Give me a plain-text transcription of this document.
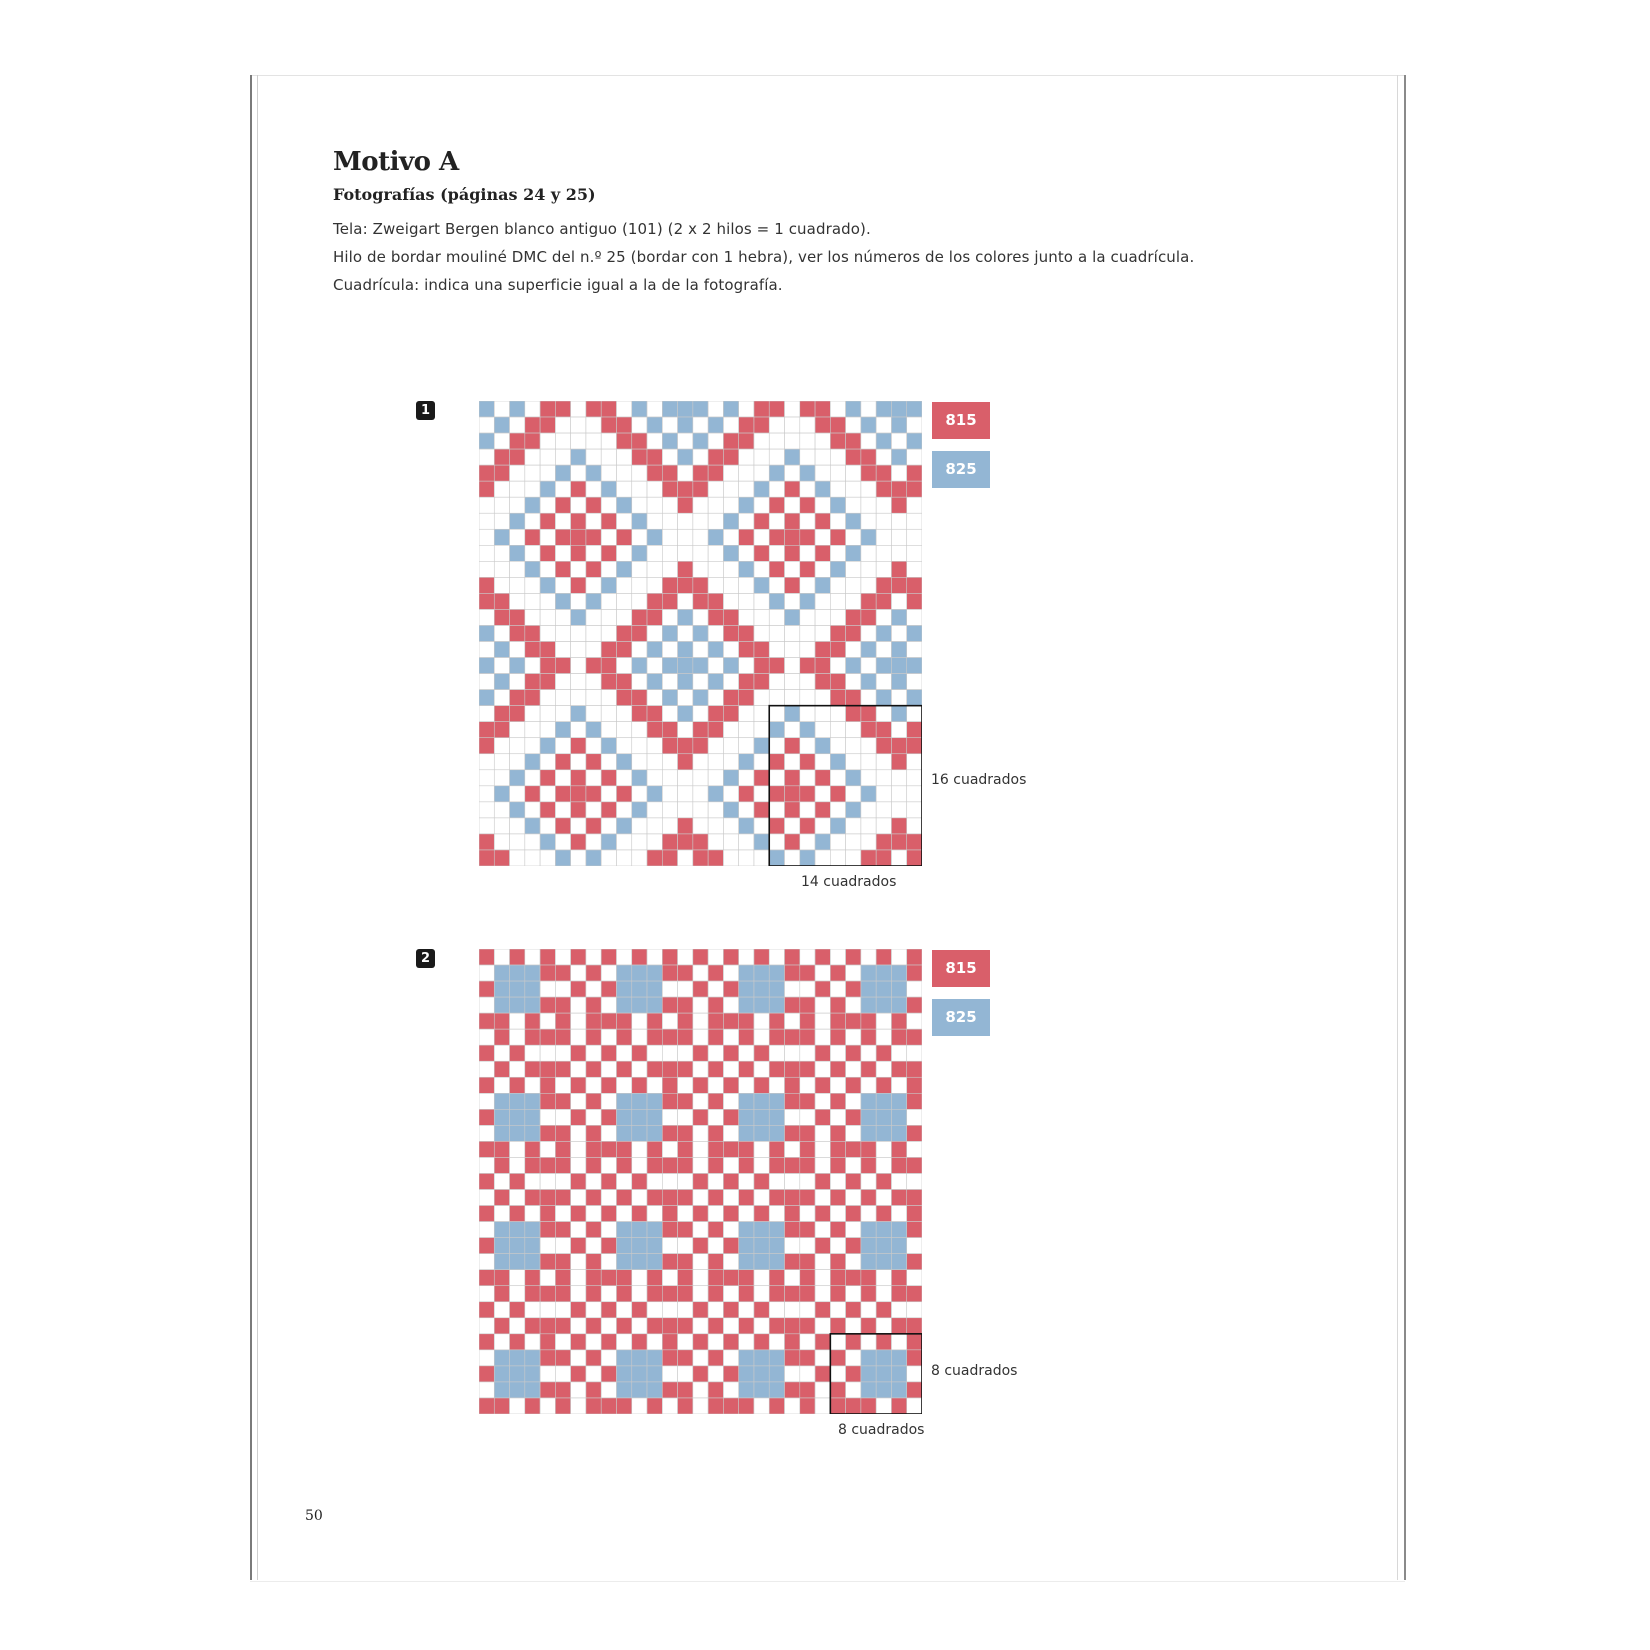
Motivo A
Fotografías (páginas 24 y 25)
Tela: Zweigart Bergen blanco antiguo (101) (2 x 2 hilos = 1 cuadrado).
Hilo de bordar mouliné DMC del n.º 25 (bordar con 1 hebra), ver los números de los colores junto a la cuadrícula.
Cuadrícula: indica una superficie igual a la de la fotografía.
1
815
825
16 cuadrados
14 cuadrados
2
815
825
8 cuadrados
8 cuadrados
50
